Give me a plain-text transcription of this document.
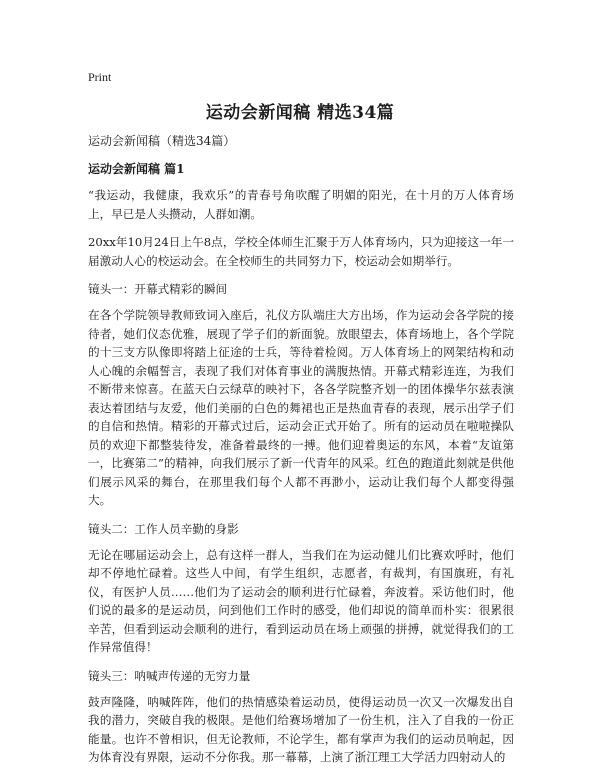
Print
运动会新闻稿 精选34篇

运动会新闻稿（精选34篇）

运动会新闻稿 篇1

“我运动，我健康，我欢乐”的青春号角吹醒了明媚的阳光，在十月的万人体育场上，早已是人头攒动，人群如潮。

20xx年10月24日上午8点，学校全体师生汇聚于万人体育场内，只为迎接这一年一届激动人心的校运动会。在全校师生的共同努力下，校运动会如期举行。

镜头一：开幕式精彩的瞬间

在各个学院领导教师致词入座后，礼仪方队端庄大方出场，作为运动会各学院的接待者，她们仪态优雅，展现了学子们的新面貌。放眼望去，体育场地上，各个学院的十三支方队像即将踏上征途的士兵，等待着检阅。万人体育场上的网架结构和动人心魄的余幅誓言，表现了我们对体育事业的满腹热情。开幕式精彩连连，为我们不断带来惊喜。在蓝天白云绿草的映衬下，各各学院整齐划一的团体操华尔兹表演表达着团结与友爱，他们美丽的白色的舞裙也正是热血青春的表现，展示出学子们的自信和热情。精彩的开幕式过后，运动会正式开始了。所有的运动员在啦啦操队员的欢迎下都整装待发，准备着最终的一搏。他们迎着奥运的东风，本着“友谊第一，比赛第二”的精神，向我们展示了新一代青年的风采。红色的跑道此刻就是供他们展示风采的舞台，在那里我们每个人都不再渺小，运动让我们每个人都变得强大。

镜头二：工作人员辛勤的身影

无论在哪届运动会上，总有这样一群人，当我们在为运动健儿们比赛欢呼时，他们却不停地忙碌着。这些人中间，有学生组织，志愿者，有裁判，有国旗班，有礼仪，有医护人员……他们为了运动会的顺利进行忙碌着，奔波着。采访他们时，他们说的最多的是运动员，问到他们工作时的感受，他们却说的简单而朴实：很累很辛苦，但看到运动会顺利的进行，看到运动员在场上顽强的拼搏，就觉得我们的工作异常值得！

镜头三：呐喊声传递的无穷力量

鼓声隆隆，呐喊阵阵，他们的热情感染着运动员，使得运动员一次又一次爆发出自我的潜力，突破自我的极限。是他们给赛场增加了一份生机，注入了自我的一份正能量。也许不曾相识，但无论教师，不论学生，都有掌声为我们的运动员响起，因为体育没有界限，运动不分你我。那一幕幕，上演了浙江理工大学活力四射动人的
